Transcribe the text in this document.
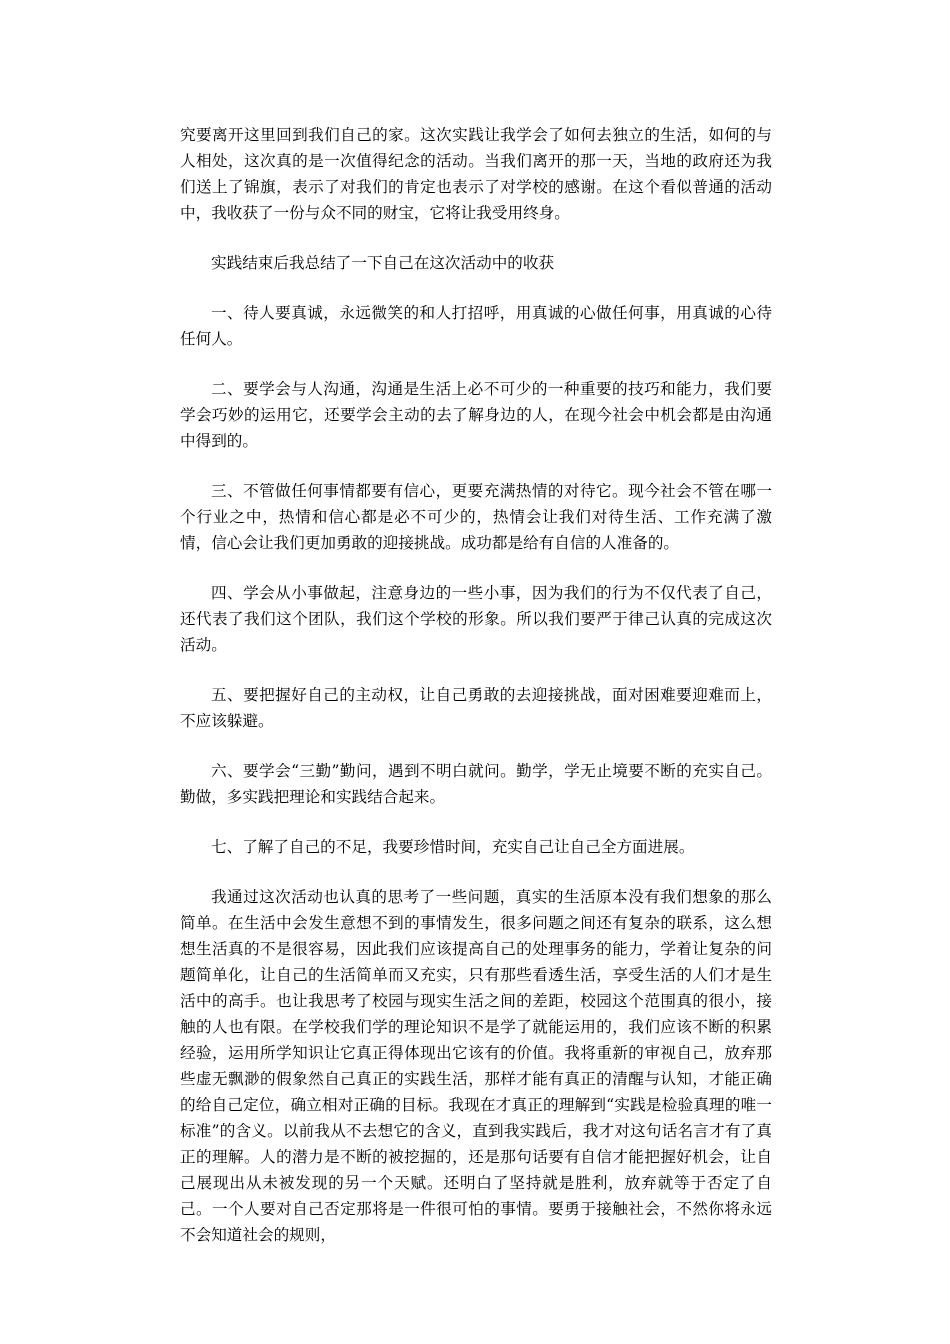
究要离开这里回到我们自己的家。这次实践让我学会了如何去独立的生活，如何的与人相处，这次真的是一次值得纪念的活动。当我们离开的那一天，当地的政府还为我们送上了锦旗，表示了对我们的肯定也表示了对学校的感谢。在这个看似普通的活动中，我收获了一份与众不同的财宝，它将让我受用终身。

实践结束后我总结了一下自己在这次活动中的收获

一、待人要真诚，永远微笑的和人打招呼，用真诚的心做任何事，用真诚的心待任何人。

二、要学会与人沟通，沟通是生活上必不可少的一种重要的技巧和能力，我们要学会巧妙的运用它，还要学会主动的去了解身边的人，在现今社会中机会都是由沟通中得到的。

三、不管做任何事情都要有信心，更要充满热情的对待它。现今社会不管在哪一个行业之中，热情和信心都是必不可少的，热情会让我们对待生活、工作充满了激情，信心会让我们更加勇敢的迎接挑战。成功都是给有自信的人准备的。

四、学会从小事做起，注意身边的一些小事，因为我们的行为不仅代表了自己，还代表了我们这个团队，我们这个学校的形象。所以我们要严于律己认真的完成这次活动。

五、要把握好自己的主动权，让自己勇敢的去迎接挑战，面对困难要迎难而上，不应该躲避。

六、要学会“三勤”勤问，遇到不明白就问。勤学，学无止境要不断的充实自己。勤做，多实践把理论和实践结合起来。

七、了解了自己的不足，我要珍惜时间，充实自己让自己全方面进展。

我通过这次活动也认真的思考了一些问题，真实的生活原本没有我们想象的那么简单。在生活中会发生意想不到的事情发生，很多问题之间还有复杂的联系，这么想想生活真的不是很容易，因此我们应该提高自己的处理事务的能力，学着让复杂的问题简单化，让自己的生活简单而又充实，只有那些看透生活，享受生活的人们才是生活中的高手。也让我思考了校园与现实生活之间的差距，校园这个范围真的很小，接触的人也有限。在学校我们学的理论知识不是学了就能运用的，我们应该不断的积累经验，运用所学知识让它真正得体现出它该有的价值。我将重新的审视自己，放弃那些虚无飘渺的假象然自己真正的实践生活，那样才能有真正的清醒与认知，才能正确的给自己定位，确立相对正确的目标。我现在才真正的理解到“实践是检验真理的唯一标准”的含义。以前我从不去想它的含义，直到我实践后，我才对这句话名言才有了真正的理解。人的潜力是不断的被挖掘的，还是那句话要有自信才能把握好机会，让自己展现出从未被发现的另一个天赋。还明白了坚持就是胜利，放弃就等于否定了自己。一个人要对自己否定那将是一件很可怕的事情。要勇于接触社会，不然你将永远不会知道社会的规则，
